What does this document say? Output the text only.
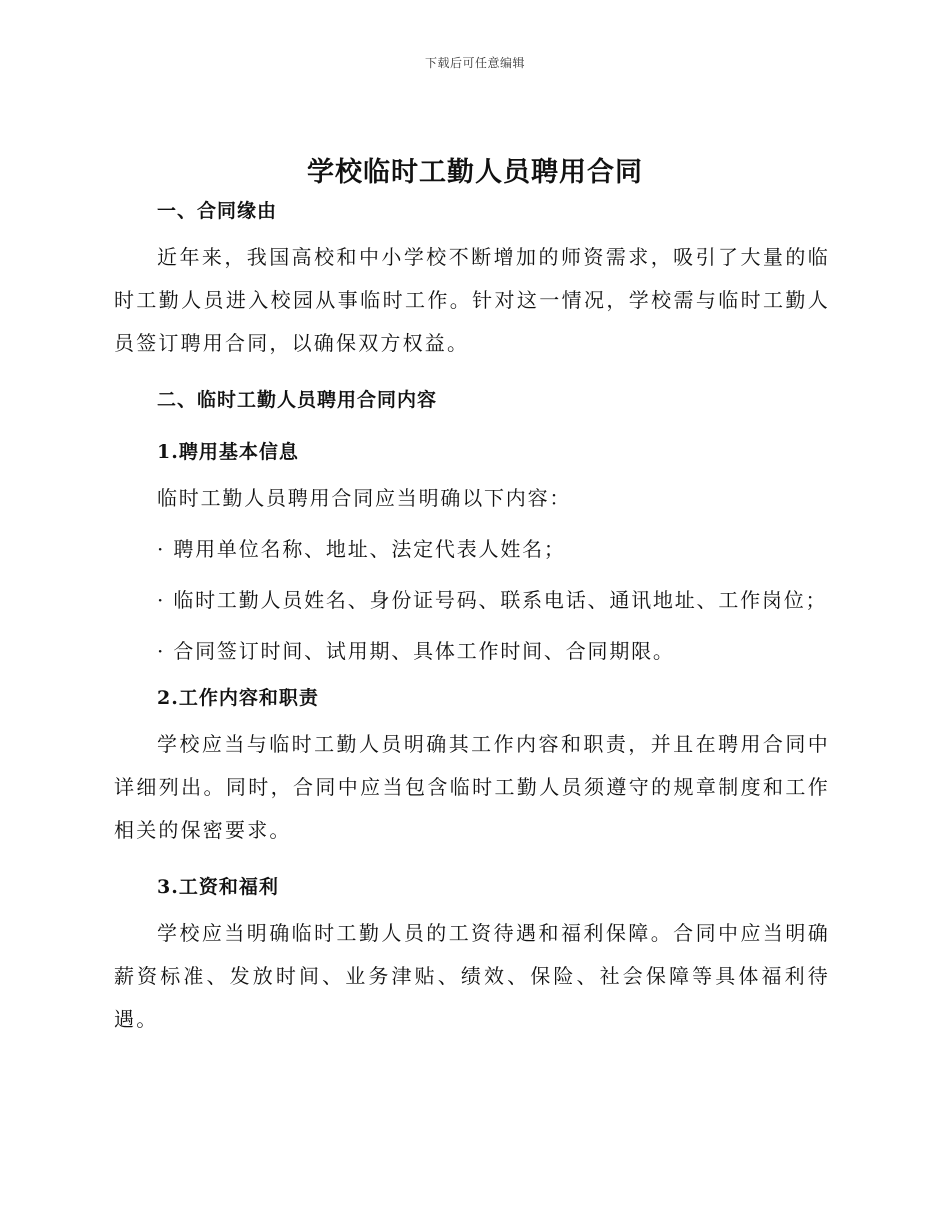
下载后可任意编辑
学校临时工勤人员聘用合同
一、合同缘由

近年来，我国高校和中小学校不断增加的师资需求，吸引了大量的临时工勤人员进入校园从事临时工作。针对这一情况，学校需与临时工勤人员签订聘用合同，以确保双方权益。

二、临时工勤人员聘用合同内容
1.聘用基本信息

临时工勤人员聘用合同应当明确以下内容：

· 聘用单位名称、地址、法定代表人姓名；

· 临时工勤人员姓名、身份证号码、联系电话、通讯地址、工作岗位；

· 合同签订时间、试用期、具体工作时间、合同期限。

2.工作内容和职责

学校应当与临时工勤人员明确其工作内容和职责，并且在聘用合同中详细列出。同时，合同中应当包含临时工勤人员须遵守的规章制度和工作相关的保密要求。

3.工资和福利

学校应当明确临时工勤人员的工资待遇和福利保障。合同中应当明确薪资标准、发放时间、业务津贴、绩效、保险、社会保障等具体福利待遇。
